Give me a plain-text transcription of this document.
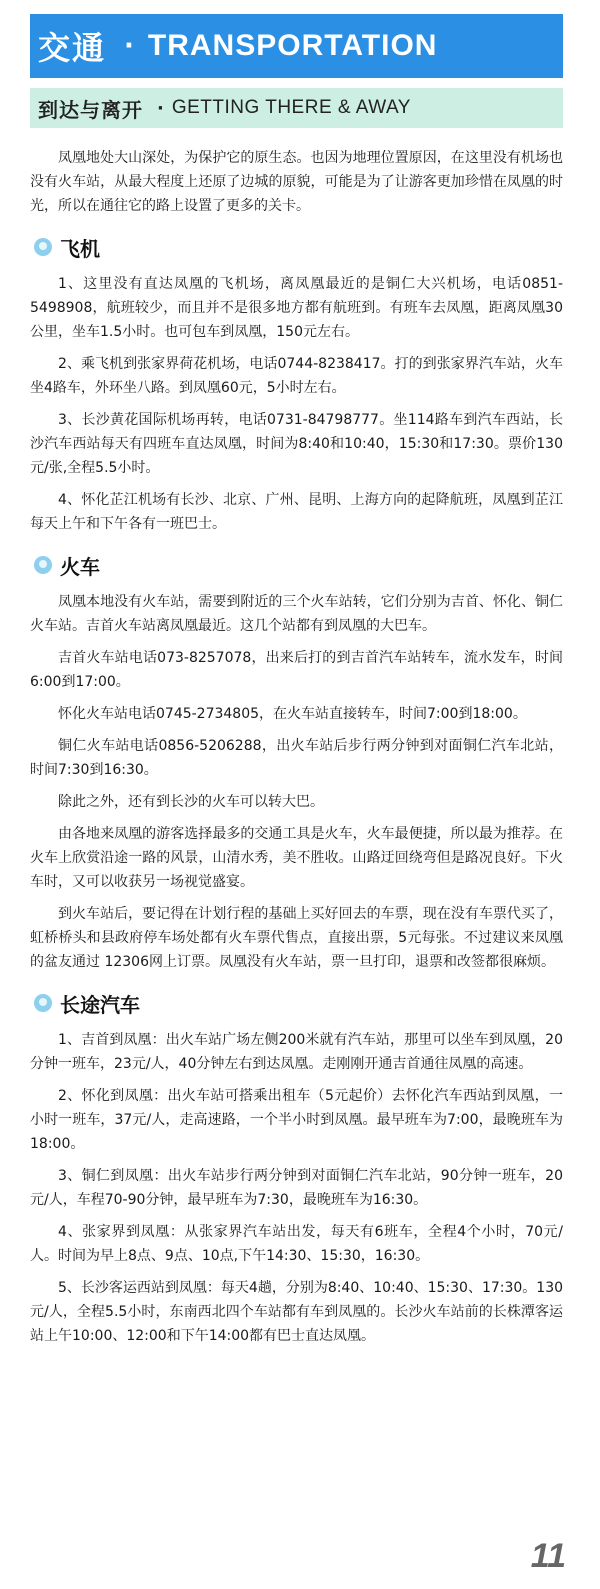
交通 · TRANSPORTATION
到达与离开 · GETTING THERE & AWAY

凤凰地处大山深处，为保护它的原生态。也因为地理位置原因，在这里没有机场也没有火车站，从最大程度上还原了边城的原貌，可能是为了让游客更加珍惜在凤凰的时光，所以在通往它的路上设置了更多的关卡。

飞机

1、这里没有直达凤凰的飞机场，离凤凰最近的是铜仁大兴机场，电话0851-5498908，航班较少，而且并不是很多地方都有航班到。有班车去凤凰，距离凤凰30公里，坐车1.5小时。也可包车到凤凰，150元左右。

2、乘飞机到张家界荷花机场，电话0744-8238417。打的到张家界汽车站，火车坐4路车，外环坐八路。到凤凰60元，5小时左右。

3、长沙黄花国际机场再转，电话0731-84798777。坐114路车到汽车西站，长沙汽车西站每天有四班车直达凤凰，时间为8:40和10:40，15:30和17:30。票价130元/张,全程5.5小时。

4、怀化芷江机场有长沙、北京、广州、昆明、上海方向的起降航班，凤凰到芷江每天上午和下午各有一班巴士。

火车

凤凰本地没有火车站，需要到附近的三个火车站转，它们分别为吉首、怀化、铜仁火车站。吉首火车站离凤凰最近。这几个站都有到凤凰的大巴车。

吉首火车站电话073-8257078，出来后打的到吉首汽车站转车，流水发车，时间6:00到17:00。

怀化火车站电话0745-2734805，在火车站直接转车，时间7:00到18:00。

铜仁火车站电话0856-5206288，出火车站后步行两分钟到对面铜仁汽车北站，时间7:30到16:30。

除此之外，还有到长沙的火车可以转大巴。

由各地来凤凰的游客选择最多的交通工具是火车，火车最便捷，所以最为推荐。在火车上欣赏沿途一路的风景，山清水秀，美不胜收。山路迂回绕弯但是路况良好。下火车时，又可以收获另一场视觉盛宴。

到火车站后，要记得在计划行程的基础上买好回去的车票，现在没有车票代买了，虹桥桥头和县政府停车场处都有火车票代售点，直接出票，5元每张。不过建议来凤凰的盆友通过 12306网上订票。凤凰没有火车站，票一旦打印，退票和改签都很麻烦。

长途汽车

1、吉首到凤凰：出火车站广场左侧200米就有汽车站，那里可以坐车到凤凰，20分钟一班车，23元/人，40分钟左右到达凤凰。走刚刚开通吉首通往凤凰的高速。

2、怀化到凤凰：出火车站可搭乘出租车（5元起价）去怀化汽车西站到凤凰，一小时一班车，37元/人，走高速路，一个半小时到凤凰。最早班车为7:00，最晚班车为18:00。

3、铜仁到凤凰：出火车站步行两分钟到对面铜仁汽车北站，90分钟一班车，20元/人，车程70-90分钟，最早班车为7:30，最晚班车为16:30。

4、张家界到凤凰：从张家界汽车站出发，每天有6班车，全程4个小时，70元/人。时间为早上8点、9点、10点,下午14:30、15:30，16:30。

5、长沙客运西站到凤凰：每天4趟，分别为8:40、10:40、15:30、17:30。130元/人，全程5.5小时，东南西北四个车站都有车到凤凰的。长沙火车站前的长株潭客运站上午10:00、12:00和下午14:00都有巴士直达凤凰。

11
